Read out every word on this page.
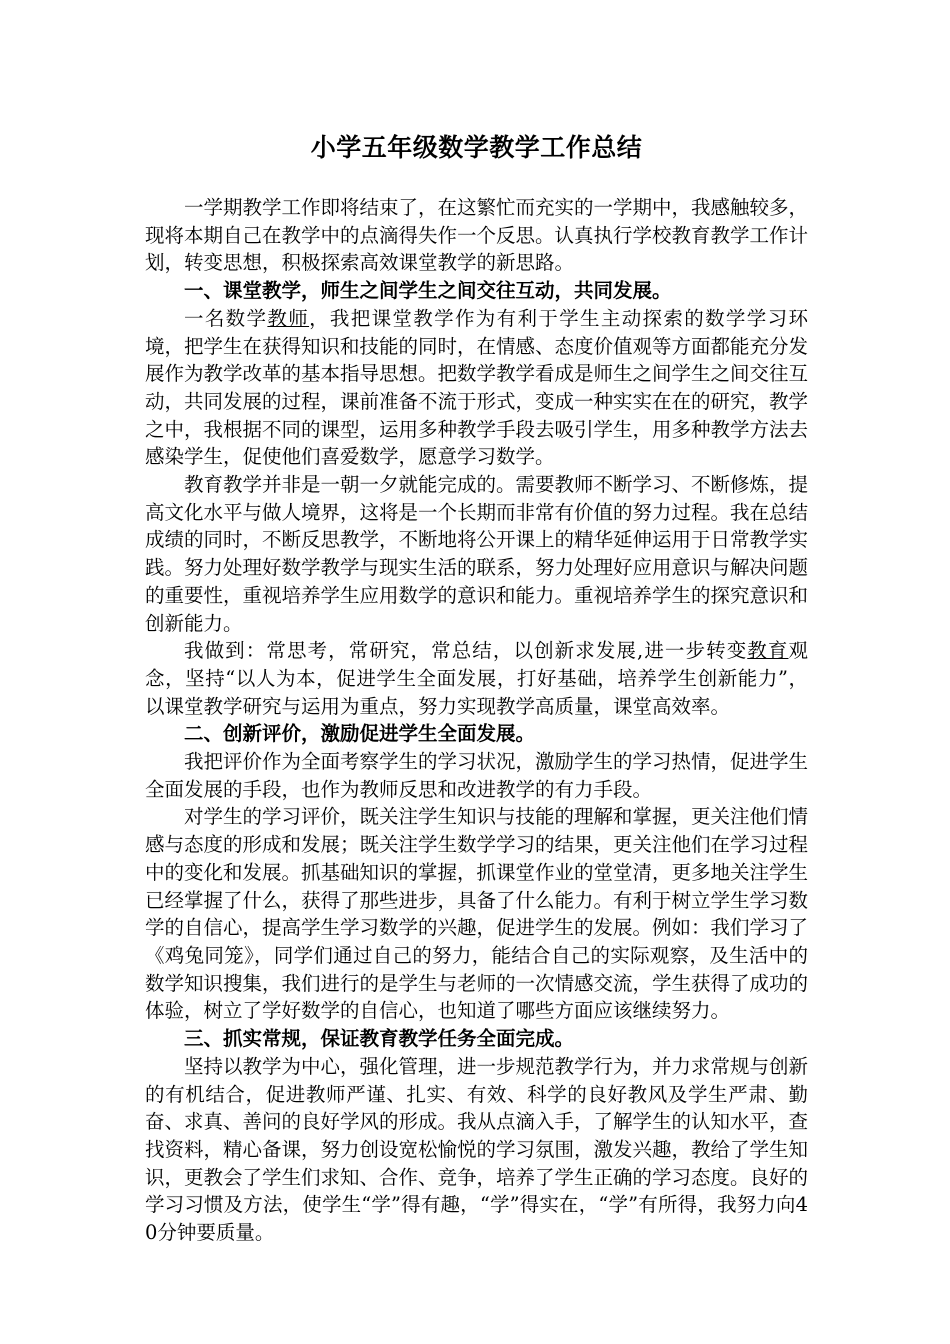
小学五年级数学教学工作总结

一学期教学工作即将结束了，在这繁忙而充实的一学期中，我感触较多，现将本期自己在教学中的点滴得失作一个反思。认真执行学校教育教学工作计划，转变思想，积极探索高效课堂教学的新思路。

一、课堂教学，师生之间学生之间交往互动，共同发展。

一名数学教师，我把课堂教学作为有利于学生主动探索的数学学习环境，把学生在获得知识和技能的同时，在情感、态度价值观等方面都能充分发展作为教学改革的基本指导思想。把数学教学看成是师生之间学生之间交往互动，共同发展的过程，课前准备不流于形式，变成一种实实在在的研究，教学之中，我根据不同的课型，运用多种教学手段去吸引学生，用多种教学方法去感染学生，促使他们喜爱数学，愿意学习数学。

教育教学并非是一朝一夕就能完成的。需要教师不断学习、不断修炼，提高文化水平与做人境界，这将是一个长期而非常有价值的努力过程。我在总结成绩的同时，不断反思教学，不断地将公开课上的精华延伸运用于日常教学实践。努力处理好数学教学与现实生活的联系，努力处理好应用意识与解决问题的重要性，重视培养学生应用数学的意识和能力。重视培养学生的探究意识和创新能力。

我做到：常思考，常研究，常总结，以创新求发展,进一步转变教育观念，坚持“以人为本，促进学生全面发展，打好基础，培养学生创新能力”，以课堂教学研究与运用为重点，努力实现教学高质量，课堂高效率。

二、创新评价，激励促进学生全面发展。

我把评价作为全面考察学生的学习状况，激励学生的学习热情，促进学生全面发展的手段，也作为教师反思和改进教学的有力手段。

对学生的学习评价，既关注学生知识与技能的理解和掌握，更关注他们情感与态度的形成和发展；既关注学生数学学习的结果，更关注他们在学习过程中的变化和发展。抓基础知识的掌握，抓课堂作业的堂堂清，更多地关注学生已经掌握了什么，获得了那些进步，具备了什么能力。有利于树立学生学习数学的自信心，提高学生学习数学的兴趣，促进学生的发展。例如：我们学习了《鸡兔同笼》，同学们通过自己的努力，能结合自己的实际观察，及生活中的数学知识搜集，我们进行的是学生与老师的一次情感交流，学生获得了成功的体验，树立了学好数学的自信心，也知道了哪些方面应该继续努力。

三、抓实常规，保证教育教学任务全面完成。

坚持以教学为中心，强化管理，进一步规范教学行为，并力求常规与创新的有机结合，促进教师严谨、扎实、有效、科学的良好教风及学生严肃、勤奋、求真、善问的良好学风的形成。我从点滴入手，了解学生的认知水平，查找资料，精心备课，努力创设宽松愉悦的学习氛围，激发兴趣，教给了学生知识，更教会了学生们求知、合作、竞争，培养了学生正确的学习态度。良好的学习习惯及方法，使学生“学”得有趣，“学”得实在，“学”有所得，我努力向40分钟要质量。
